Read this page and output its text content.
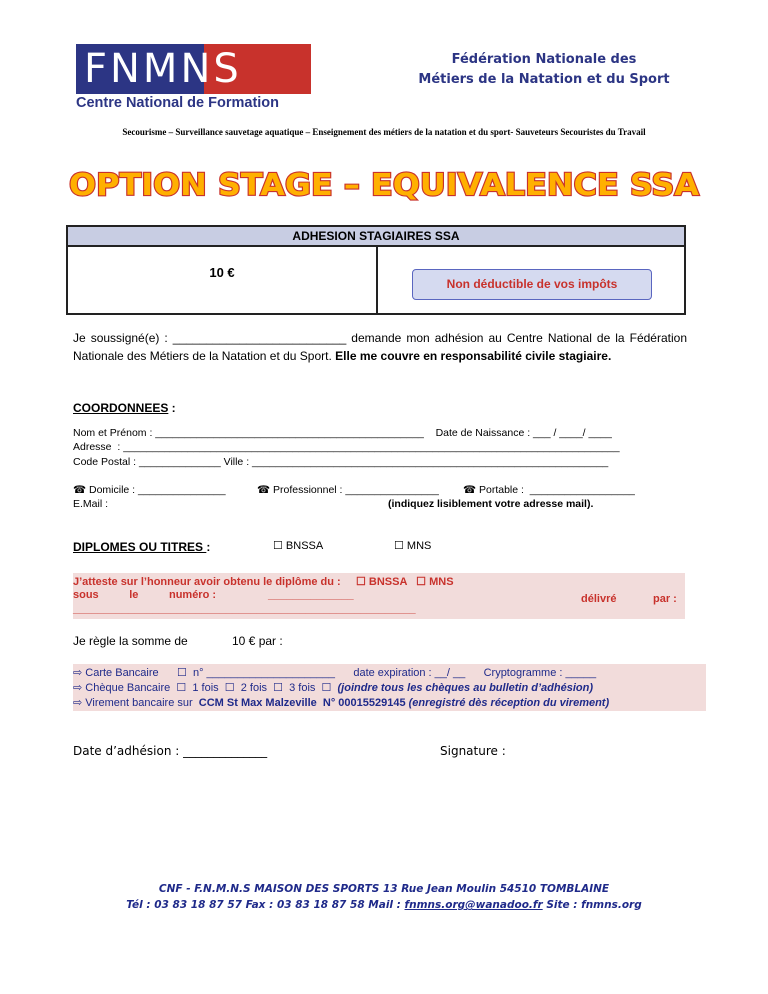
FNMNS
Centre National de Formation
Fédération Nationale des
Métiers de la Natation et du Sport
Secourisme – Surveillance sauvetage aquatique – Enseignement des métiers de la natation et du sport- Sauveteurs Secouristes du Travail
OPTION STAGE – EQUIVALENCE SSA
ADHESION STAGIAIRES SSA
10 €
Non déductible de vos impôts
Je soussigné(e) : __________________________ demande mon adhésion au Centre National de la Fédération Nationale des Métiers de la Natation et du Sport. Elle me couvre en responsabilité civile stagiaire.
COORDONNEES :
Nom et Prénom : ______________________________________________    Date de Naissance : ___ / ____/ ____
Adresse  : _____________________________________________________________________________________
Code Postal : ______________ Ville : _____________________________________________________________
☎ Domicile : _______________	☎ Professionnel : ________________ ☎ Portable :  __________________
E.Mail :	(indiquez lisiblement votre adresse mail).
DIPLOMES OU TITRES :	☐ BNSSA	☐ MNS
J’atteste sur l’honneur avoir obtenu le diplôme du :     ☐ BNSSA   ☐ MNS
sous          le          numéro :                 ______________	délivré	par :
________________________________________________________
Je règle la somme de	10 € par :
⇨ Carte Bancaire      ☐  n° _____________________      date expiration : __/ __      Cryptogramme : _____
⇨ Chèque Bancaire  ☐  1 fois  ☐  2 fois  ☐  3 fois  ☐  (joindre tous les chèques au bulletin d’adhésion)
⇨ Virement bancaire sur  CCM St Max Malzeville  N° 00015529145 (enregistré dès réception du virement)
Date d’adhésion : ______________	Signature :
CNF - F.N.M.N.S MAISON DES SPORTS 13 Rue Jean Moulin 54510 TOMBLAINE
Tél : 03 83 18 87 57 Fax : 03 83 18 87 58 Mail : fnmns.org@wanadoo.fr Site : fnmns.org
